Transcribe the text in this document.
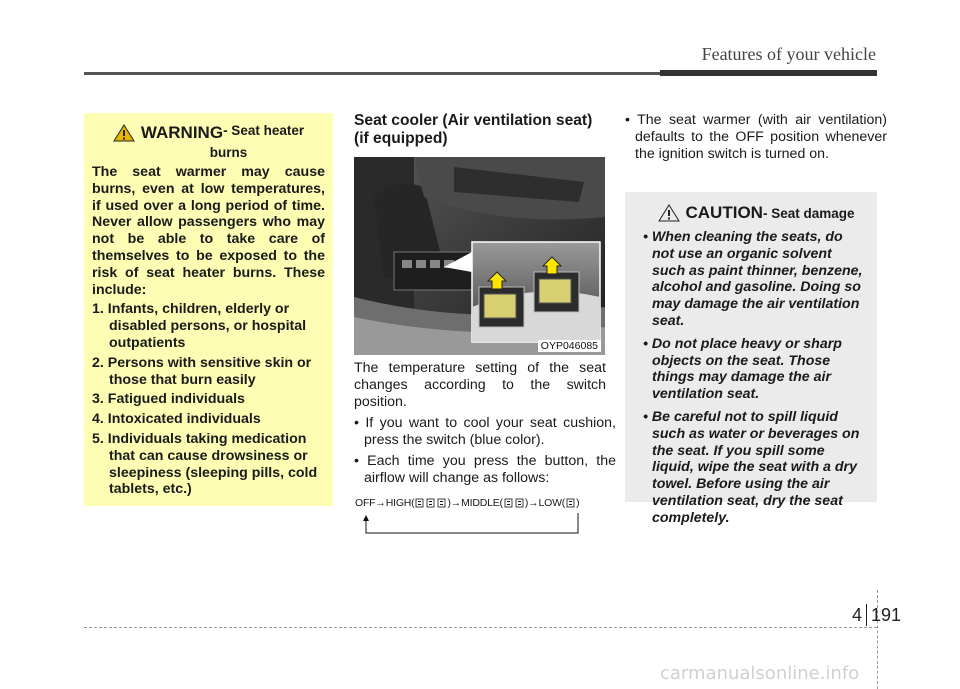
Features of your vehicle
WARNING - Seat heater
burns
The seat warmer may cause burns, even at low temperatures, if used over a long period of time. Never allow passengers who may not be able to take care of themselves to be exposed to the risk of seat heater burns. These include:
1. Infants, children, elderly or disabled persons, or hospital outpatients
2. Persons with sensitive skin or those that burn easily
3. Fatigued individuals
4. Intoxicated individuals
5. Individuals taking medication that can cause drowsiness or sleepiness (sleeping pills, cold tablets, etc.)
Seat cooler (Air ventilation seat) (if equipped)
OYP046085
The temperature setting of the seat changes according to the switch position.
• If you want to cool your seat cushion, press the switch (blue color).
• Each time you press the button, the airflow will change as follows:
OFF → HIGH(	) → MIDDLE( ) → LOW( )
• The seat warmer (with air ventilation) defaults to the OFF position whenever the ignition switch is turned on.
CAUTION - Seat damage
• When cleaning the seats, do not use an organic solvent such as paint thinner, benzene, alcohol and gasoline. Doing so may damage the air ventilation seat.
• Do not place heavy or sharp objects on the seat. Those things may damage the air ventilation seat.
• Be careful not to spill liquid such as water or beverages on the seat. If you spill some liquid, wipe the seat with a dry towel. Before using the air ventilation seat, dry the seat completely.
4 191
carmanualsonline.info
